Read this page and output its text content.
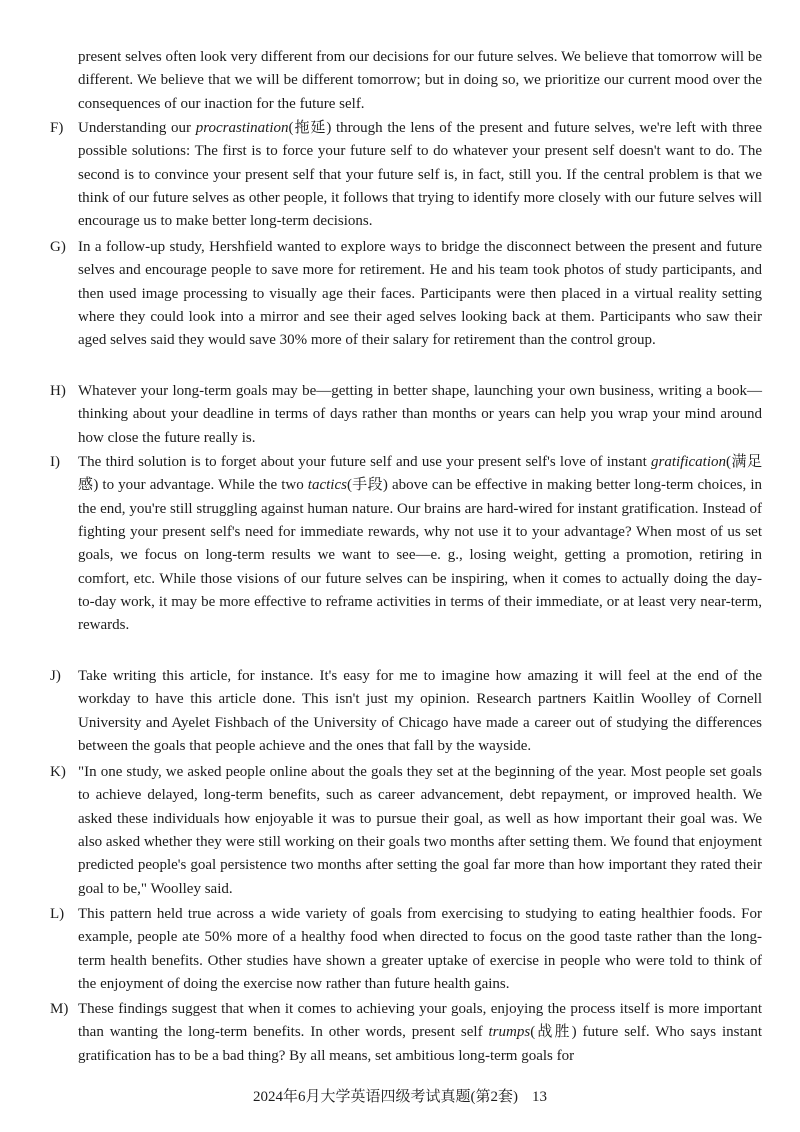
present selves often look very different from our decisions for our future selves. We believe that tomorrow will be different. We believe that we will be different tomorrow; but in doing so, we prioritize our current mood over the consequences of our inaction for the future self.

F) Understanding our procrastination(拖延) through the lens of the present and future selves, we're left with three possible solutions: The first is to force your future self to do whatever your present self doesn't want to do. The second is to convince your present self that your future self is, in fact, still you. If the central problem is that we think of our future selves as other people, it follows that trying to identify more closely with our future selves will encourage us to make better long-term decisions.
G) In a follow-up study, Hershfield wanted to explore ways to bridge the disconnect between the present and future selves and encourage people to save more for retirement. He and his team took photos of study participants, and then used image processing to visually age their faces. Participants were then placed in a virtual reality setting where they could look into a mirror and see their aged selves looking back at them. Participants who saw their aged selves said they would save 30% more of their salary for retirement than the control group.
H) Whatever your long-term goals may be—getting in better shape, launching your own business, writing a book—thinking about your deadline in terms of days rather than months or years can help you wrap your mind around how close the future really is.
I)	The third solution is to forget about your future self and use your present self's love of instant gratification(满足感) to your advantage. While the two tactics(手段) above can be effective in making better long-term choices, in the end, you're still struggling against human nature. Our brains are hard-wired for instant gratification. Instead of fighting your present self's need for immediate rewards, why not use it to your advantage? When most of us set goals, we focus on long-term results we want to see—e. g., losing weight, getting a promotion, retiring in comfort, etc. While those visions of our future selves can be inspiring, when it comes to actually doing the day-to-day work, it may be more effective to reframe activities in terms of their immediate, or at least very near-term, rewards.
J)	Take writing this article, for instance. It's easy for me to imagine how amazing it will feel at the end of the workday to have this article done. This isn't just my opinion. Research partners Kaitlin Woolley of Cornell University and Ayelet Fishbach of the University of Chicago have made a career out of studying the differences between the goals that people achieve and the ones that fall by the wayside.
K) "In one study, we asked people online about the goals they set at the beginning of the year. Most people set goals to achieve delayed, long-term benefits, such as career advancement, debt repayment, or improved health. We asked these individuals how enjoyable it was to pursue their goal, as well as how important their goal was. We also asked whether they were still working on their goals two months after setting them. We found that enjoyment predicted people's goal persistence two months after setting the goal far more than how important they rated their goal to be," Woolley said.
L) This pattern held true across a wide variety of goals from exercising to studying to eating healthier foods. For example, people ate 50% more of a healthy food when directed to focus on the good taste rather than the long-term health benefits. Other studies have shown a greater uptake of exercise in people who were told to think of the enjoyment of doing the exercise now rather than future health gains.
M) These findings suggest that when it comes to achieving your goals, enjoying the process itself is more important than wanting the long-term benefits. In other words, present self trumps(战胜) future self. Who says instant gratification has to be a bad thing? By all means, set ambitious long-term goals for
2024年6月大学英语四级考试真题(第2套) 13
